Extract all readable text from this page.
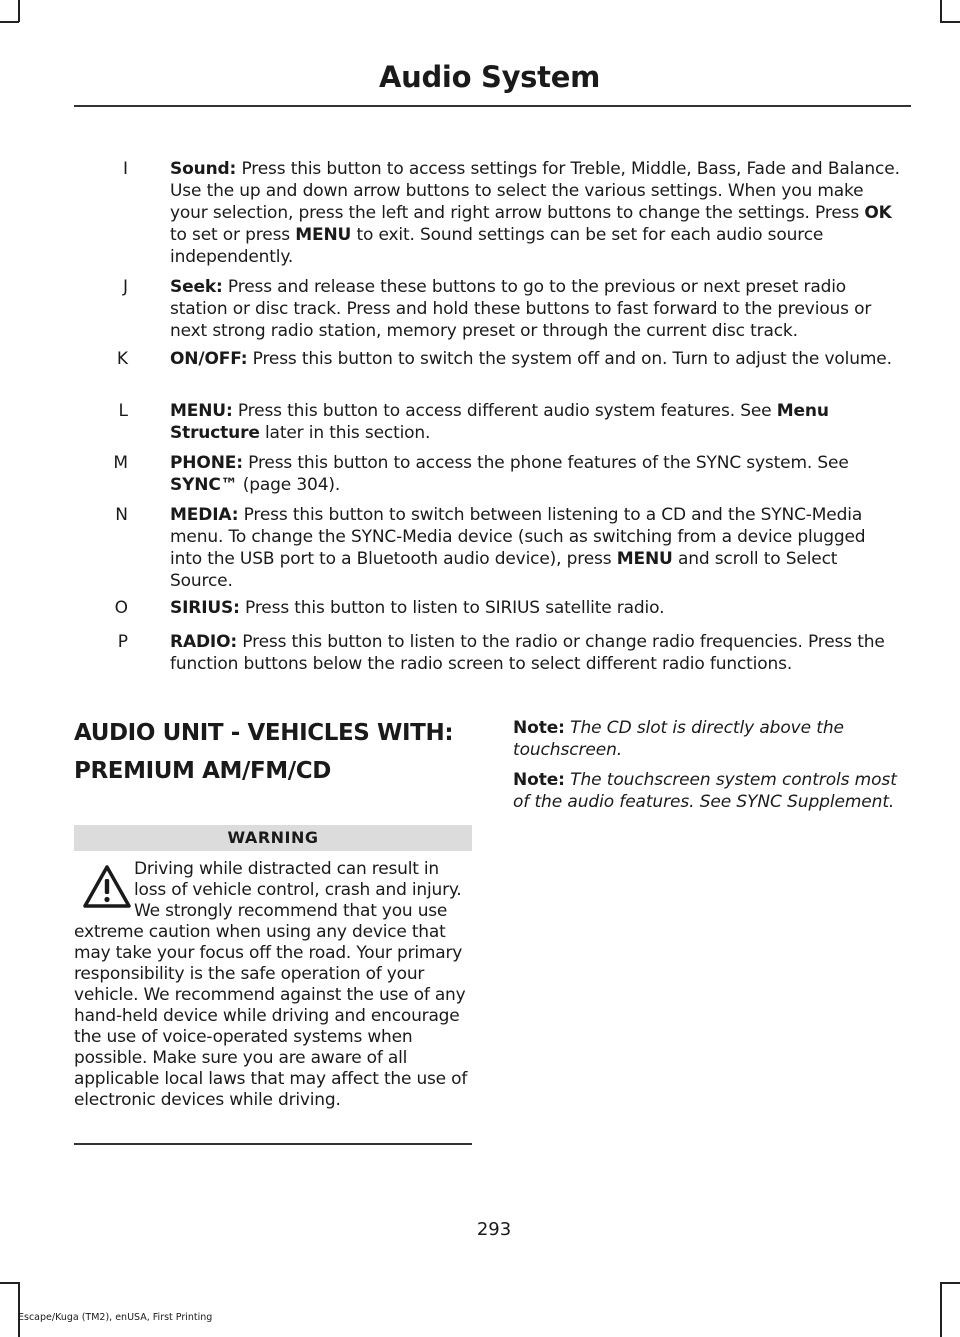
Audio System
I Sound: Press this button to access settings for Treble, Middle, Bass, Fade and Balance. Use the up and down arrow buttons to select the various settings. When you make your selection, press the left and right arrow buttons to change the settings. Press OK to set or press MENU to exit. Sound settings can be set for each audio source independently.
J Seek: Press and release these buttons to go to the previous or next preset radio station or disc track. Press and hold these buttons to fast forward to the previous or next strong radio station, memory preset or through the current disc track.
K ON/OFF: Press this button to switch the system off and on. Turn to adjust the volume.
L MENU: Press this button to access different audio system features. See Menu Structure later in this section.
M PHONE: Press this button to access the phone features of the SYNC system. See SYNC™ (page 304).
N MEDIA: Press this button to switch between listening to a CD and the SYNC-Media menu. To change the SYNC-Media device (such as switching from a device plugged into the USB port to a Bluetooth audio device), press MENU and scroll to Select Source.
O SIRIUS: Press this button to listen to SIRIUS satellite radio.
P RADIO: Press this button to listen to the radio or change radio frequencies. Press the function buttons below the radio screen to select different radio functions.
AUDIO UNIT - VEHICLES WITH:
PREMIUM AM/FM/CD
WARNING
Driving while distracted can result in loss of vehicle control, crash and injury. We strongly recommend that you use extreme caution when using any device that may take your focus off the road. Your primary responsibility is the safe operation of your vehicle. We recommend against the use of any hand-held device while driving and encourage the use of voice-operated systems when possible. Make sure you are aware of all applicable local laws that may affect the use of electronic devices while driving.
Note: The CD slot is directly above the touchscreen.
Note: The touchscreen system controls most of the audio features. See SYNC Supplement.
293
Escape/Kuga (TM2), enUSA, First Printing
